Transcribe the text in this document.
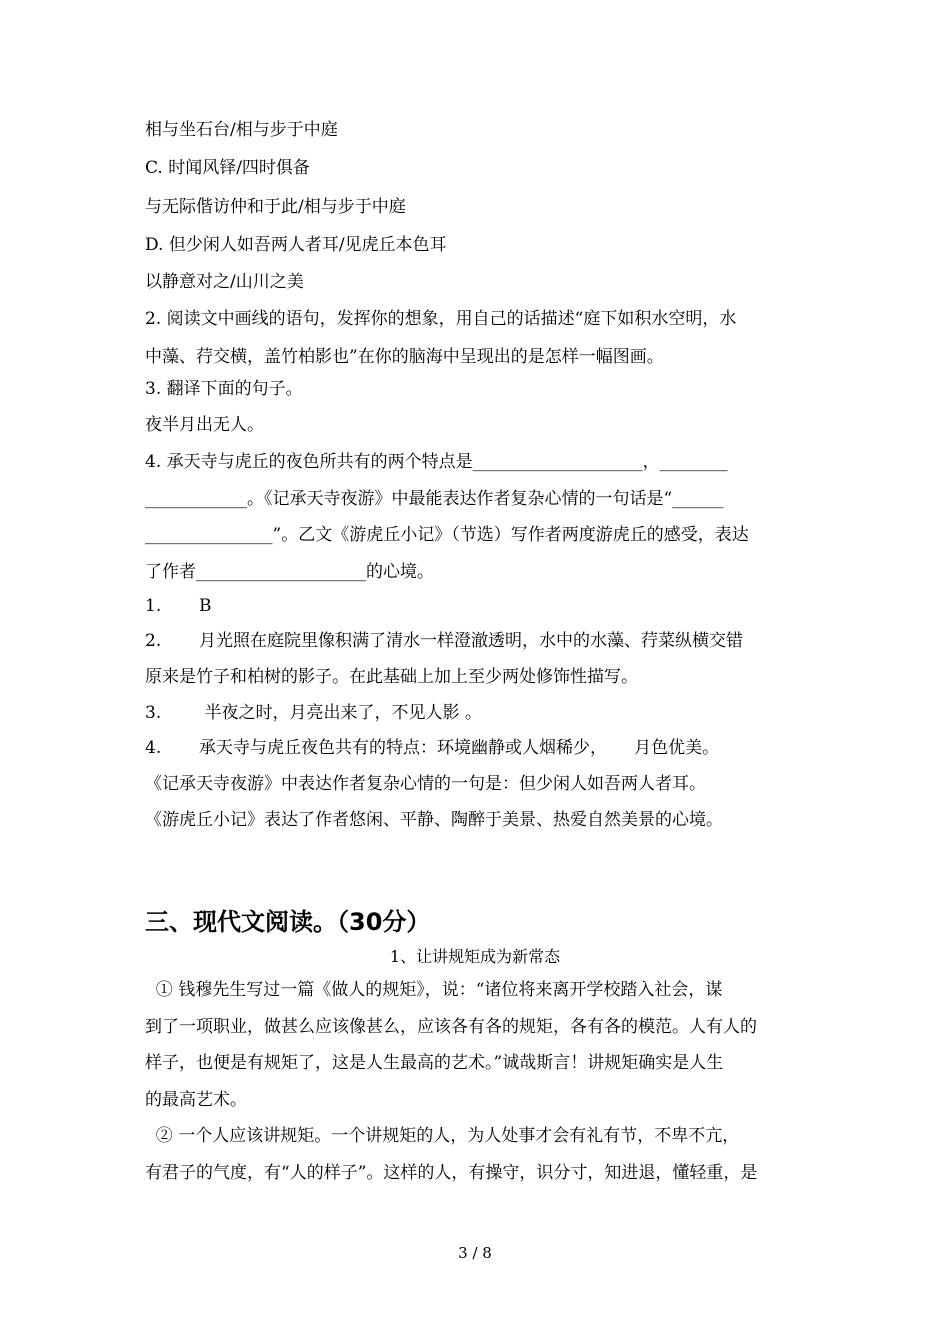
相与坐石台/相与步于中庭
C. 时闻风铎/四时俱备
与无际偕访仲和于此/相与步于中庭
D. 但少闲人如吾两人者耳/见虎丘本色耳
以静意对之/山川之美
2. 阅读文中画线的语句，发挥你的想象，用自己的话描述“庭下如积水空明，水
中藻、荇交横，盖竹柏影也”在你的脑海中呈现出的是怎样一幅图画。
3. 翻译下面的句子。
夜半月出无人。
4. 承天寺与虎丘的夜色所共有的两个特点是____________________，________
____________。《记承天寺夜游》中最能表达作者复杂心情的一句话是“______
_______________”。乙文《游虎丘小记》（节选）写作者两度游虎丘的感受，表达
了作者____________________的心境。
1.       B
2.       月光照在庭院里像积满了清水一样澄澈透明，水中的水藻、荇菜纵横交错
原来是竹子和柏树的影子。在此基础上加上至少两处修饰性描写。
3.        半夜之时，月亮出来了，不见人影 。
4.       承天寺与虎丘夜色共有的特点：环境幽静或人烟稀少，     月色优美。
《记承天寺夜游》中表达作者复杂心情的一句是：但少闲人如吾两人者耳。
《游虎丘小记》表达了作者悠闲、平静、陶醉于美景、热爱自然美景的心境。
三、现代文阅读。（30分）
1、让讲规矩成为新常态
① 钱穆先生写过一篇《做人的规矩》，说：“诸位将来离开学校踏入社会，谋
到了一项职业，做甚么应该像甚么，应该各有各的规矩，各有各的模范。人有人的
样子，也便是有规矩了，这是人生最高的艺术。”诚哉斯言！讲规矩确实是人生
的最高艺术。
② 一个人应该讲规矩。一个讲规矩的人，为人处事才会有礼有节，不卑不亢，
有君子的气度，有“人的样子”。这样的人，有操守，识分寸，知进退，懂轻重，是
3 / 8
